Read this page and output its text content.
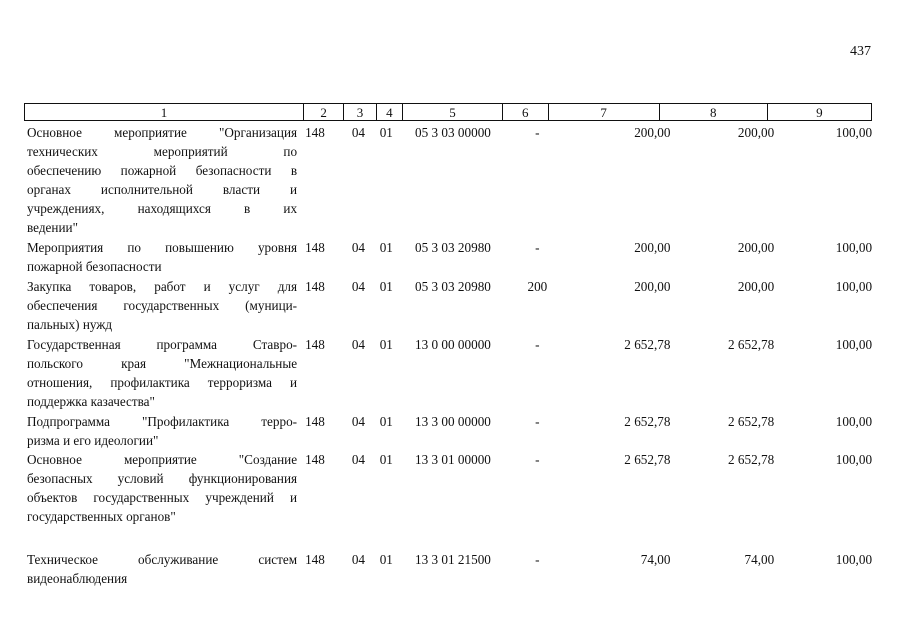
437
1	2	3	4	5	6	7	8	9
Основное мероприятие "Организация
технических мероприятий по
обеспечению пожарной безопасности в
органах исполнительной власти и
учреждениях, находящихся в их
ведении"
148	04	01	05 3 03 00000	-	200,00	200,00	100,00
Мероприятия по повышению уровня
пожарной безопасности
148	04	01	05 3 03 20980	-	200,00	200,00	100,00
Закупка товаров, работ и услуг для
обеспечения государственных (муници-
пальных) нужд
148	04	01	05 3 03 20980	200	200,00	200,00	100,00
Государственная программа Ставро-
польского края "Межнациональные
отношения, профилактика терроризма и
поддержка казачества"
148	04	01	13 0 00 00000	-	2 652,78	2 652,78	100,00
Подпрограмма "Профилактика терро-
ризма и его идеологии"
148	04	01	13 3 00 00000	-	2 652,78	2 652,78	100,00
Основное мероприятие "Создание
безопасных условий функционирования
объектов государственных учреждений и
государственных органов"
148	04	01	13 3 01 00000	-	2 652,78	2 652,78	100,00
Техническое обслуживание систем
видеонаблюдения
148	04	01	13 3 01 21500	-	74,00	74,00	100,00
